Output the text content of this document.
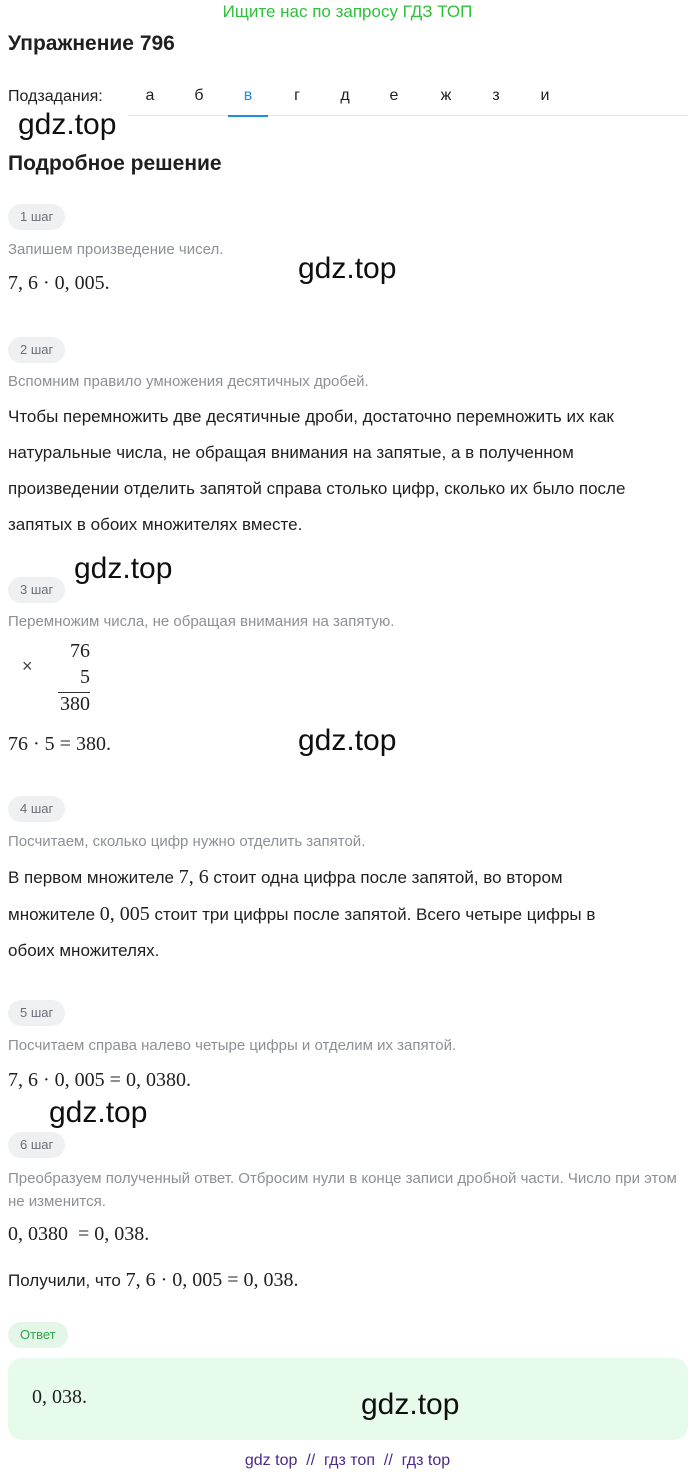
Ищите нас по запросу ГДЗ ТОП
Упражнение 796
Подзадания:	а	б	в	г	д	е	ж	з	и
gdz.top
Подробное решение
1 шаг
Запишем произведение чисел.
7, 6 · 0, 005.	gdz.top
2 шаг
Вспомним правило умножения десятичных дробей.
Чтобы перемножить две десятичные дроби, достаточно перемножить их как натуральные числа, не обращая внимания на запятые, а в полученном произведении отделить запятой справа столько цифр, сколько их было после запятых в обоих множителях вместе.
gdz.top
3 шаг
Перемножим числа, не обращая внимания на запятую.
×
76
5
380
76 · 5 = 380.	gdz.top
4 шаг
Посчитаем, сколько цифр нужно отделить запятой.
В первом множителе 7, 6 стоит одна цифра после запятой, во втором
множителе 0, 005 стоит три цифры после запятой. Всего четыре цифры в
обоих множителях.
5 шаг
Посчитаем справа налево четыре цифры и отделим их запятой.
7, 6 · 0, 005 = 0, 0380.
gdz.top
6 шаг
Преобразуем полученный ответ. Отбросим нули в конце записи дробной части. Число при этом не изменится.
0, 0380  = 0, 038.
Получили, что 7, 6 · 0, 005 = 0, 038.
Ответ
0, 038.	gdz.top
gdz top  //  гдз топ  //  гдз top
